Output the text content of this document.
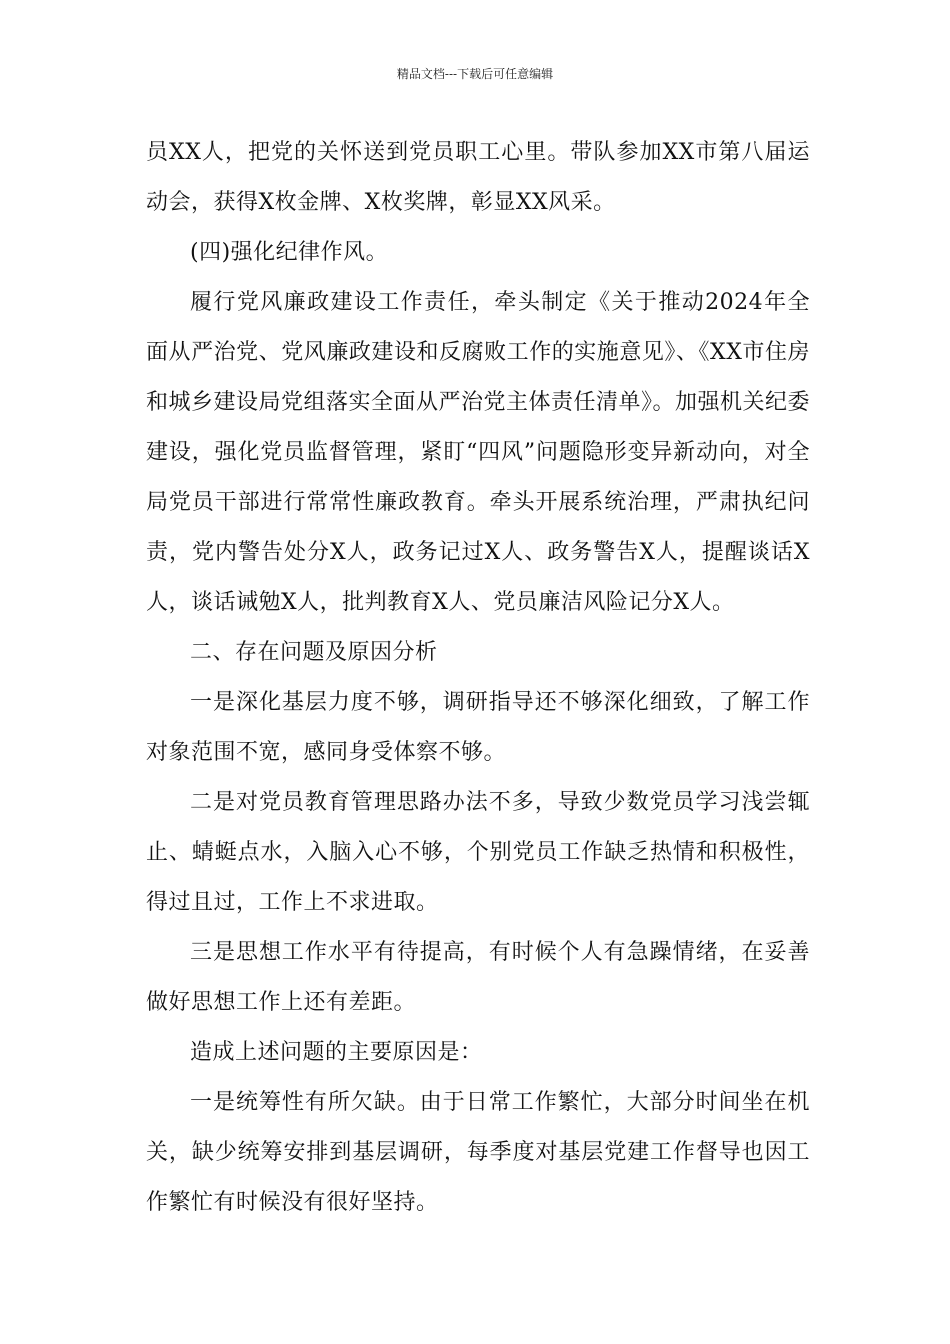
精品文档---下载后可任意编辑

员XX人，把党的关怀送到党员职工心里。带队参加XX市第八届运动会，获得X枚金牌、X枚奖牌，彰显XX风采。

(四)强化纪律作风。

履行党风廉政建设工作责任，牵头制定《关于推动2024年全面从严治党、党风廉政建设和反腐败工作的实施意见》、《XX市住房和城乡建设局党组落实全面从严治党主体责任清单》。加强机关纪委建设，强化党员监督管理，紧盯“四风”问题隐形变异新动向，对全局党员干部进行常常性廉政教育。牵头开展系统治理，严肃执纪问责，党内警告处分X人，政务记过X人、政务警告X人，提醒谈话X人，谈话诫勉X人，批判教育X人、党员廉洁风险记分X人。

二、存在问题及原因分析

一是深化基层力度不够，调研指导还不够深化细致，了解工作对象范围不宽，感同身受体察不够。

二是对党员教育管理思路办法不多，导致少数党员学习浅尝辄止、蜻蜓点水，入脑入心不够，个别党员工作缺乏热情和积极性，得过且过，工作上不求进取。

三是思想工作水平有待提高，有时候个人有急躁情绪，在妥善做好思想工作上还有差距。

造成上述问题的主要原因是：

一是统筹性有所欠缺。由于日常工作繁忙，大部分时间坐在机关，缺少统筹安排到基层调研，每季度对基层党建工作督导也因工作繁忙有时候没有很好坚持。
